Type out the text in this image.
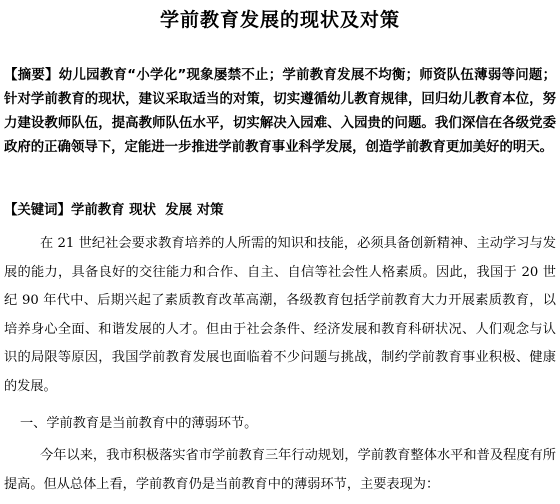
学前教育发展的现状及对策
【摘要】幼儿园教育“小学化”现象屡禁不止；学前教育发展不均衡；师资队伍薄弱等问题；针对学前教育的现状，建议采取适当的对策，切实遵循幼儿教育规律，回归幼儿教育本位，努力建设教师队伍，提高教师队伍水平，切实解决入园难、入园贵的问题。我们深信在各级党委政府的正确领导下，定能进一步推进学前教育事业科学发展，创造学前教育更加美好的明天。
【关键词】学前教育 现状  发展 对策
在 21 世纪社会要求教育培养的人所需的知识和技能，必须具备创新精神、主动学习与发展的能力，具备良好的交往能力和合作、自主、自信等社会性人格素质。因此，我国于 20 世纪 90 年代中、后期兴起了素质教育改革高潮，各级教育包括学前教育大力开展素质教育，以培养身心全面、和谐发展的人才。但由于社会条件、经济发展和教育科研状况、人们观念与认识的局限等原因，我国学前教育发展也面临着不少问题与挑战，制约学前教育事业积极、健康的发展。
一、学前教育是当前教育中的薄弱环节。
今年以来，我市积极落实省市学前教育三年行动规划，学前教育整体水平和普及程度有所提高。但从总体上看，学前教育仍是当前教育中的薄弱环节，主要表现为：
